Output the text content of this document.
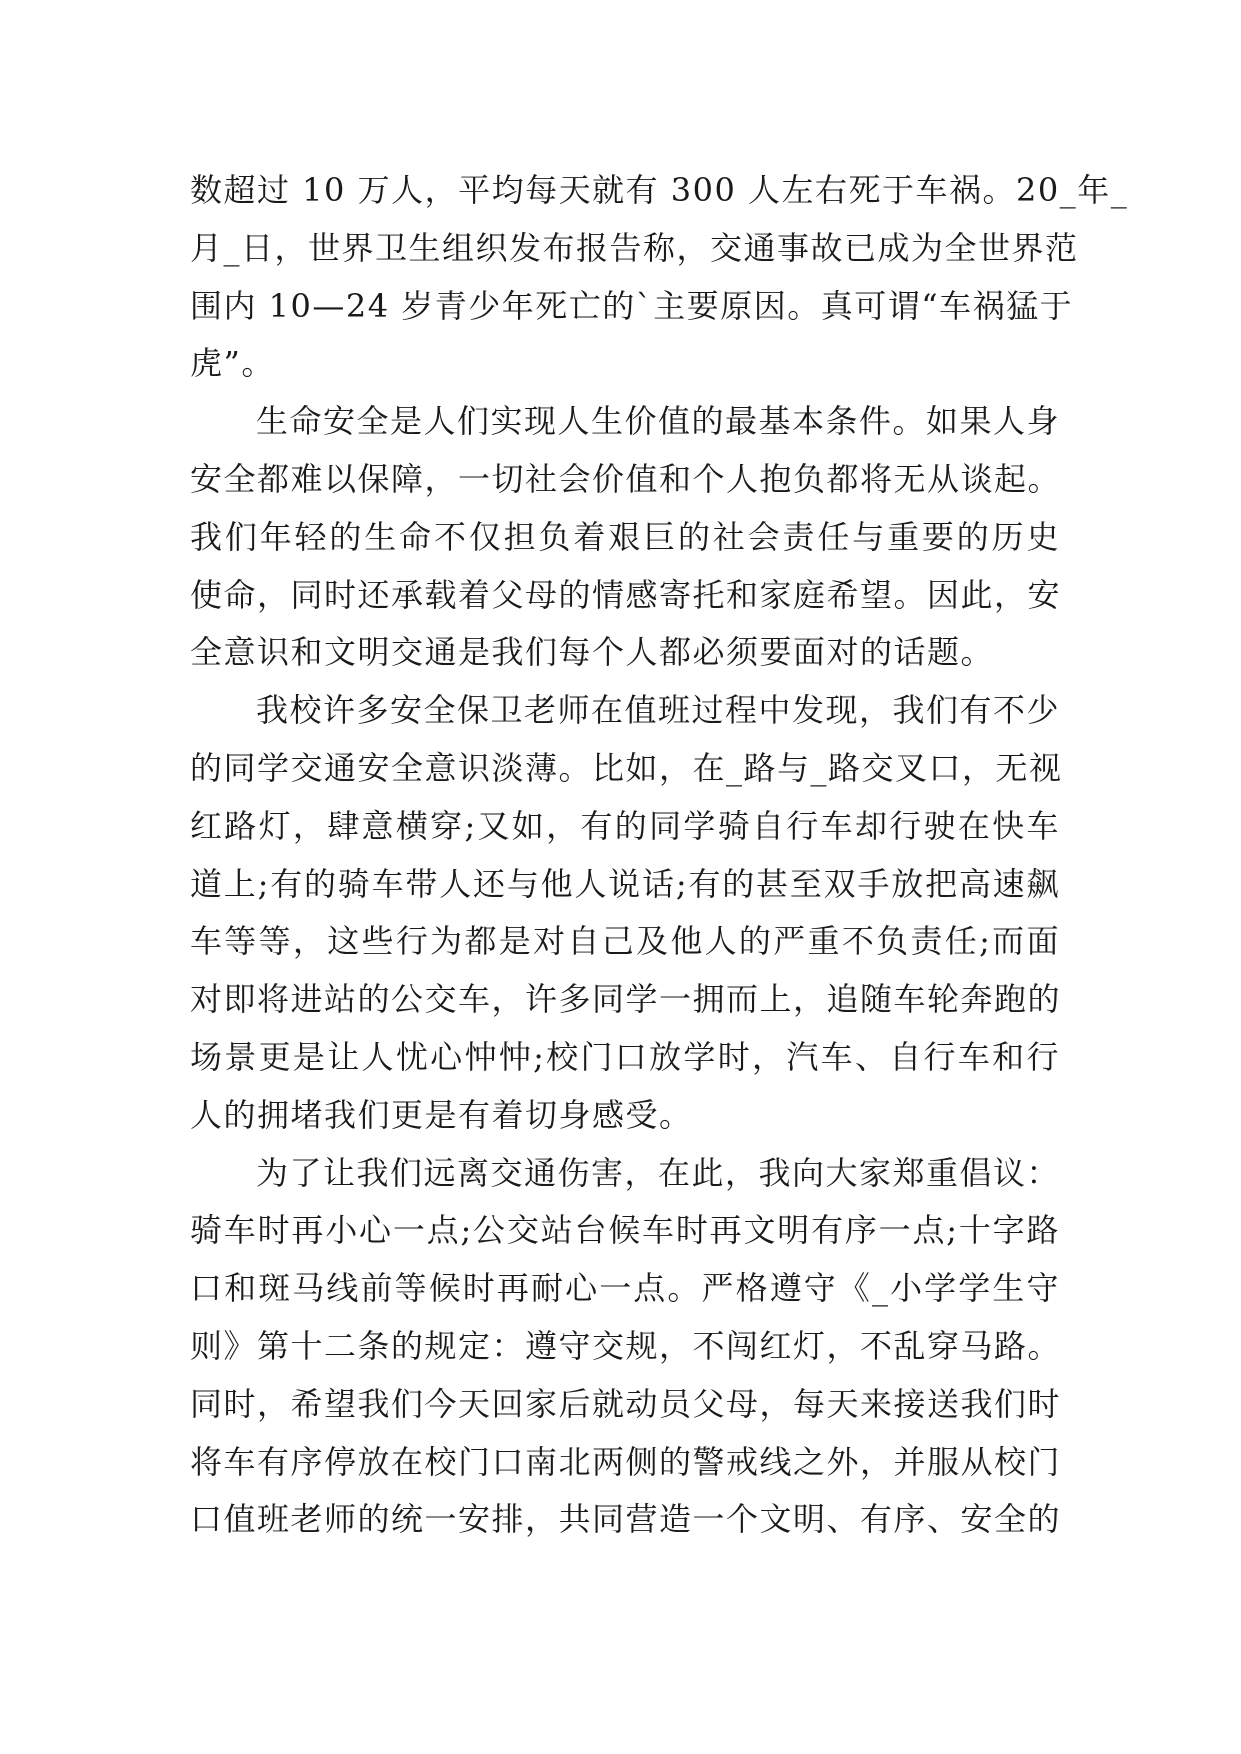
数超过 10 万人，平均每天就有 300 人左右死于车祸。20_年_
月_日，世界卫生组织发布报告称，交通事故已成为全世界范
围内 10—24 岁青少年死亡的`主要原因。真可谓“车祸猛于
虎”。
生命安全是人们实现人生价值的最基本条件。如果人身
安全都难以保障，一切社会价值和个人抱负都将无从谈起。
我们年轻的生命不仅担负着艰巨的社会责任与重要的历史
使命，同时还承载着父母的情感寄托和家庭希望。因此，安
全意识和文明交通是我们每个人都必须要面对的话题。
我校许多安全保卫老师在值班过程中发现，我们有不少
的同学交通安全意识淡薄。比如，在_路与_路交叉口，无视
红路灯，肆意横穿;又如，有的同学骑自行车却行驶在快车
道上;有的骑车带人还与他人说话;有的甚至双手放把高速飙
车等等，这些行为都是对自己及他人的严重不负责任;而面
对即将进站的公交车，许多同学一拥而上，追随车轮奔跑的
场景更是让人忧心忡忡;校门口放学时，汽车、自行车和行
人的拥堵我们更是有着切身感受。
为了让我们远离交通伤害，在此，我向大家郑重倡议：
骑车时再小心一点;公交站台候车时再文明有序一点;十字路
口和斑马线前等候时再耐心一点。严格遵守《_小学学生守
则》第十二条的规定：遵守交规，不闯红灯，不乱穿马路。
同时，希望我们今天回家后就动员父母，每天来接送我们时
将车有序停放在校门口南北两侧的警戒线之外，并服从校门
口值班老师的统一安排，共同营造一个文明、有序、安全的
